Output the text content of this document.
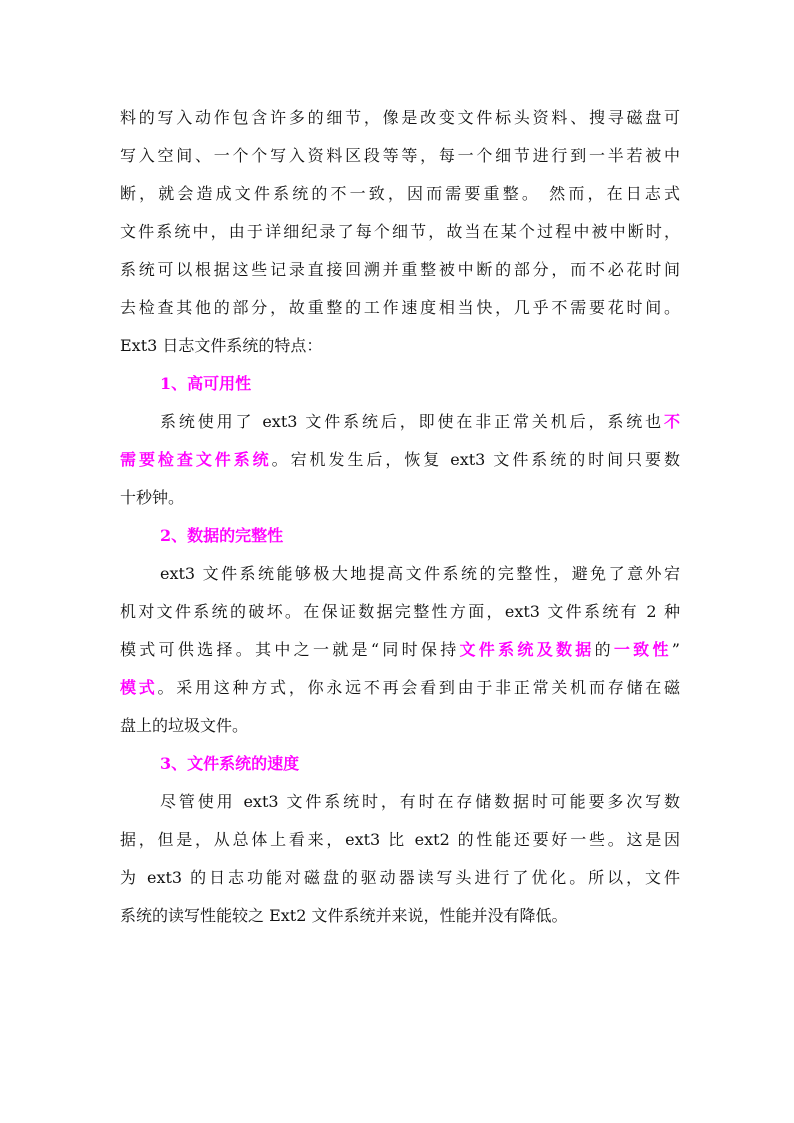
料的写入动作包含许多的细节，像是改变文件标头资料、搜寻磁盘可
写入空间、一个个写入资料区段等等，每一个细节进行到一半若被中
断，就会造成文件系统的不一致，因而需要重整。 然而，在日志式
文件系统中，由于详细纪录了每个细节，故当在某个过程中被中断时，
系统可以根据这些记录直接回溯并重整被中断的部分，而不必花时间
去检查其他的部分，故重整的工作速度相当快，几乎不需要花时间。
Ext3 日志文件系统的特点：
1、高可用性
系统使用了 ext3 文件系统后，即使在非正常关机后，系统也不
需要检查文件系统。宕机发生后，恢复 ext3 文件系统的时间只要数
十秒钟。
2、数据的完整性
ext3 文件系统能够极大地提高文件系统的完整性，避免了意外宕
机对文件系统的破坏。在保证数据完整性方面，ext3 文件系统有 2 种
模式可供选择。其中之一就是“同时保持文件系统及数据的一致性”
模式。采用这种方式，你永远不再会看到由于非正常关机而存储在磁
盘上的垃圾文件。
3、文件系统的速度
尽管使用 ext3 文件系统时，有时在存储数据时可能要多次写数
据，但是，从总体上看来，ext3 比 ext2 的性能还要好一些。这是因
为 ext3 的日志功能对磁盘的驱动器读写头进行了优化。所以，文件
系统的读写性能较之 Ext2 文件系统并来说，性能并没有降低。
